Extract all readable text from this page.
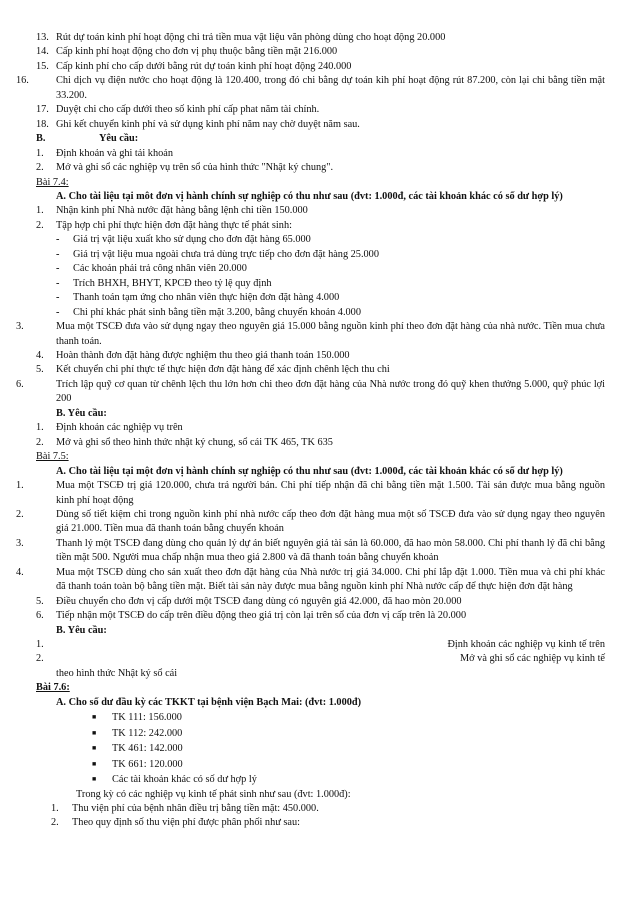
13. Rút dự toán kinh phí hoạt động chi trả tiền mua vật liệu văn phòng dùng cho hoạt động 20.000

14. Cấp kinh phí hoạt động cho đơn vị phụ thuộc bằng tiền mặt 216.000

15. Cấp kinh phí cho cấp dưới bằng rút dự toán kinh phí hoạt động 240.000

16.	Chi dịch vụ điện nước cho hoạt động là 120.400, trong đó chi bằng dự toán kih phí hoạt động rút 87.200, còn lại chi bằng tiền mặt 33.200.

17. Duyệt chi cho cấp dưới theo số kinh phí cấp phat năm tài chính.

18. Ghi kết chuyển kinh phí và sử dụng kinh phí năm nay chờ duyệt năm sau.

B.	Yêu cầu:

1. Định khoản và ghi tải khoản

2. Mở và ghi sổ các nghiệp vụ trên sổ của hình thức "Nhật ký chung".

Bài 7.4:

A. Cho tài liệu tại môt đơn vị hành chính sự nghiệp có thu như sau (đvt: 1.000đ, các tài khoản khác có số dư hợp lý)

1. Nhận kinh phí Nhà nước đặt hàng bằng lệnh chi tiền 150.000

2. Tập hợp chi phí thực hiện đơn đặt hàng thực tế phát sinh:

- Giá trị vật liệu xuất kho sử dụng cho đơn đặt hàng 65.000

- Giá trị vật liệu mua ngoài chưa trả dùng trực tiếp cho đơn đặt hàng 25.000

- Các khoản phải trả công nhân viên 20.000

- Trích BHXH, BHYT, KPCĐ theo tỷ lệ quy định

- Thanh toán tạm ứng cho nhân viên thực hiện đơn đặt hàng 4.000

- Chi phí khác phát sinh bằng tiền mặt 3.200, bằng chuyển khoản 4.000

3.	Mua một TSCĐ đưa vào sử dụng ngay theo nguyên giá 15.000 bằng nguồn kinh phí theo đơn đặt hàng của nhà nước. Tiền mua chưa thanh toán.

4. Hoàn thành đơn đặt hàng được nghiệm thu theo giá thanh toán 150.000

5. Kết chuyển chi phí thực tế thực hiện đơn đặt hàng để xác định chênh lệch thu chi

6.	Trích lập quỹ cơ quan từ chênh lệch thu lớn hơn chi theo đơn đặt hàng của Nhà nước trong đó quỹ khen thưởng 5.000, quỹ phúc lợi 200

B. Yêu cầu:

1. Định khoản các nghiệp vụ trên

2. Mở và ghi sổ theo hình thức nhật ký chung, sổ cái TK 465, TK 635

Bài 7.5:

A. Cho tài liệu tại một đơn vị hành chính sự nghiệp có thu như sau (đvt: 1.000đ, các tài khoản khác có số dư hợp lý)

1.	Mua một TSCĐ trị giá 120.000, chưa trả người bán. Chi phí tiếp nhận đã chi bằng tiền mặt 1.500. Tài sản được mua bằng nguồn kinh phí hoạt động

2.	Dùng số tiết kiệm chi trong nguồn kinh phí nhà nước cấp theo đơn đặt hàng mua một số TSCĐ đưa vào sử dụng ngay theo nguyên giá 21.000. Tiền mua đã thanh toán bằng chuyển khoản

3.	Thanh lý một TSCĐ đang dùng cho quản lý dự án biết nguyên giá tài sản là 60.000, đã hao mòn 58.000. Chi phí thanh lý đã chi bằng tiền mặt 500. Người mua chấp nhận mua theo giá 2.800 và đã thanh toán bằng chuyển khoản

4.	Mua một TSCĐ dùng cho sản xuất theo đơn đặt hàng của Nhà nước trị giá 34.000. Chi phí lắp đặt 1.000. Tiền mua và chi phí khác đã thanh toán toàn bộ bằng tiền mặt. Biết tài sản này được mua bằng nguồn kinh phí Nhà nước cấp để thực hiện đơn đặt hàng

5. Điều chuyển cho đơn vị cấp dưới một TSCĐ đang dùng có nguyên giá 42.000, đã hao mòn 20.000

6. Tiếp nhận một TSCĐ do cấp trên điều động theo giá trị còn lại trên sổ của đơn vị cấp trên là 20.000

B. Yêu cầu:

1.	Định khoản các nghiệp vụ kinh tế trên

2.	Mở và ghi sổ các nghiệp vụ kinh tế

theo hình thức Nhật ký sổ cái

Bài 7.6:

A. Cho số dư đầu kỳ các TKKT tại bệnh viện Bạch Mai: (đvt: 1.000đ)

■ TK 111: 156.000

■ TK 112: 242.000

■ TK 461: 142.000

■ TK 661: 120.000

■ Các tài khoản khác có số dư hợp lý

Trong kỳ có các nghiệp vụ kinh tế phát sinh như sau (đvt: 1.000đ):

1. Thu viện phí của bệnh nhân điều trị bằng tiền mặt: 450.000.

2. Theo quy định số thu viện phí được phân phối như sau:
